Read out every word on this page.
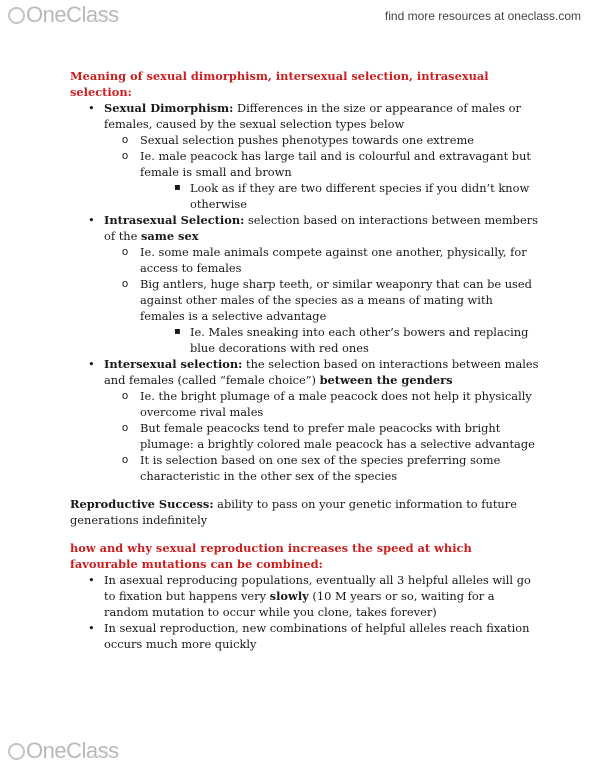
OneClass	find more resources at oneclass.com
Meaning of sexual dimorphism, intersexual selection, intrasexual selection:
• Sexual Dimorphism: Differences in the size or appearance of males or females, caused by the sexual selection types below
o Sexual selection pushes phenotypes towards one extreme
o Ie. male peacock has large tail and is colourful and extravagant but female is small and brown
▪ Look as if they are two different species if you didn’t know otherwise
• Intrasexual Selection: selection based on interactions between members of the same sex
o Ie. some male animals compete against one another, physically, for access to females
o Big antlers, huge sharp teeth, or similar weaponry that can be used against other males of the species as a means of mating with females is a selective advantage
▪ Ie. Males sneaking into each other’s bowers and replacing blue decorations with red ones
• Intersexual selection: the selection based on interactions between males and females (called “female choice”) between the genders
o Ie. the bright plumage of a male peacock does not help it physically overcome rival males
o But female peacocks tend to prefer male peacocks with bright plumage: a brightly colored male peacock has a selective advantage
o It is selection based on one sex of the species preferring some characteristic in the other sex of the species
Reproductive Success: ability to pass on your genetic information to future generations indefinitely
how and why sexual reproduction increases the speed at which favourable mutations can be combined:
• In asexual reproducing populations, eventually all 3 helpful alleles will go to fixation but happens very slowly (10 M years or so, waiting for a random mutation to occur while you clone, takes forever)
• In sexual reproduction, new combinations of helpful alleles reach fixation occurs much more quickly
OneClass
